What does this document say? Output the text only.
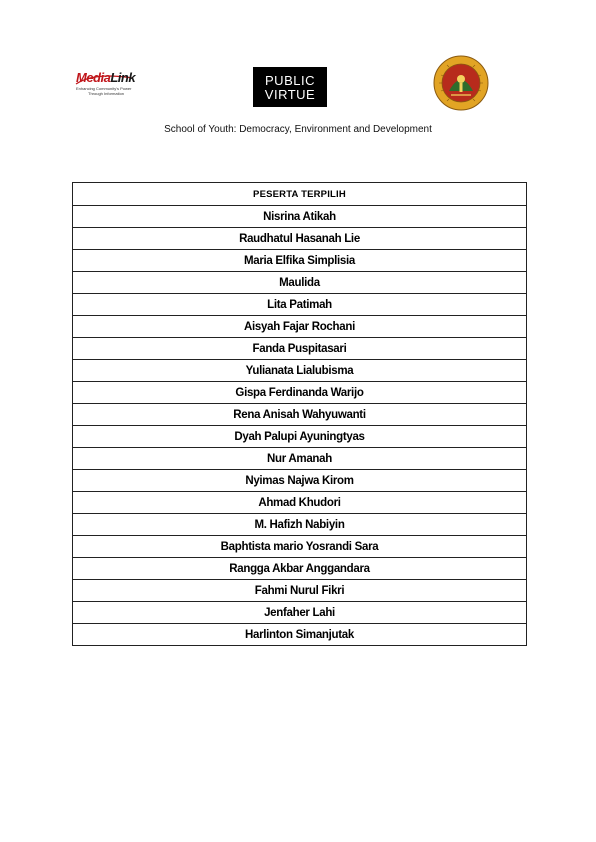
MediaLink
Enhancing Community's Power
Through Information
PUBLIC
VIRTUE
School of Youth: Democracy, Environment and Development
PESERTA TERPILIH
Nisrina Atikah
Raudhatul Hasanah Lie
Maria Elfika Simplisia
Maulida
Lita Patimah
Aisyah Fajar Rochani
Fanda Puspitasari
Yulianata Lialubisma
Gispa Ferdinanda Warijo
Rena Anisah Wahyuwanti
Dyah Palupi Ayuningtyas
Nur Amanah
Nyimas Najwa Kirom
Ahmad Khudori
M. Hafizh Nabiyin
Baphtista mario Yosrandi Sara
Rangga Akbar Anggandara
Fahmi Nurul Fikri
Jenfaher Lahi
Harlinton Simanjutak
